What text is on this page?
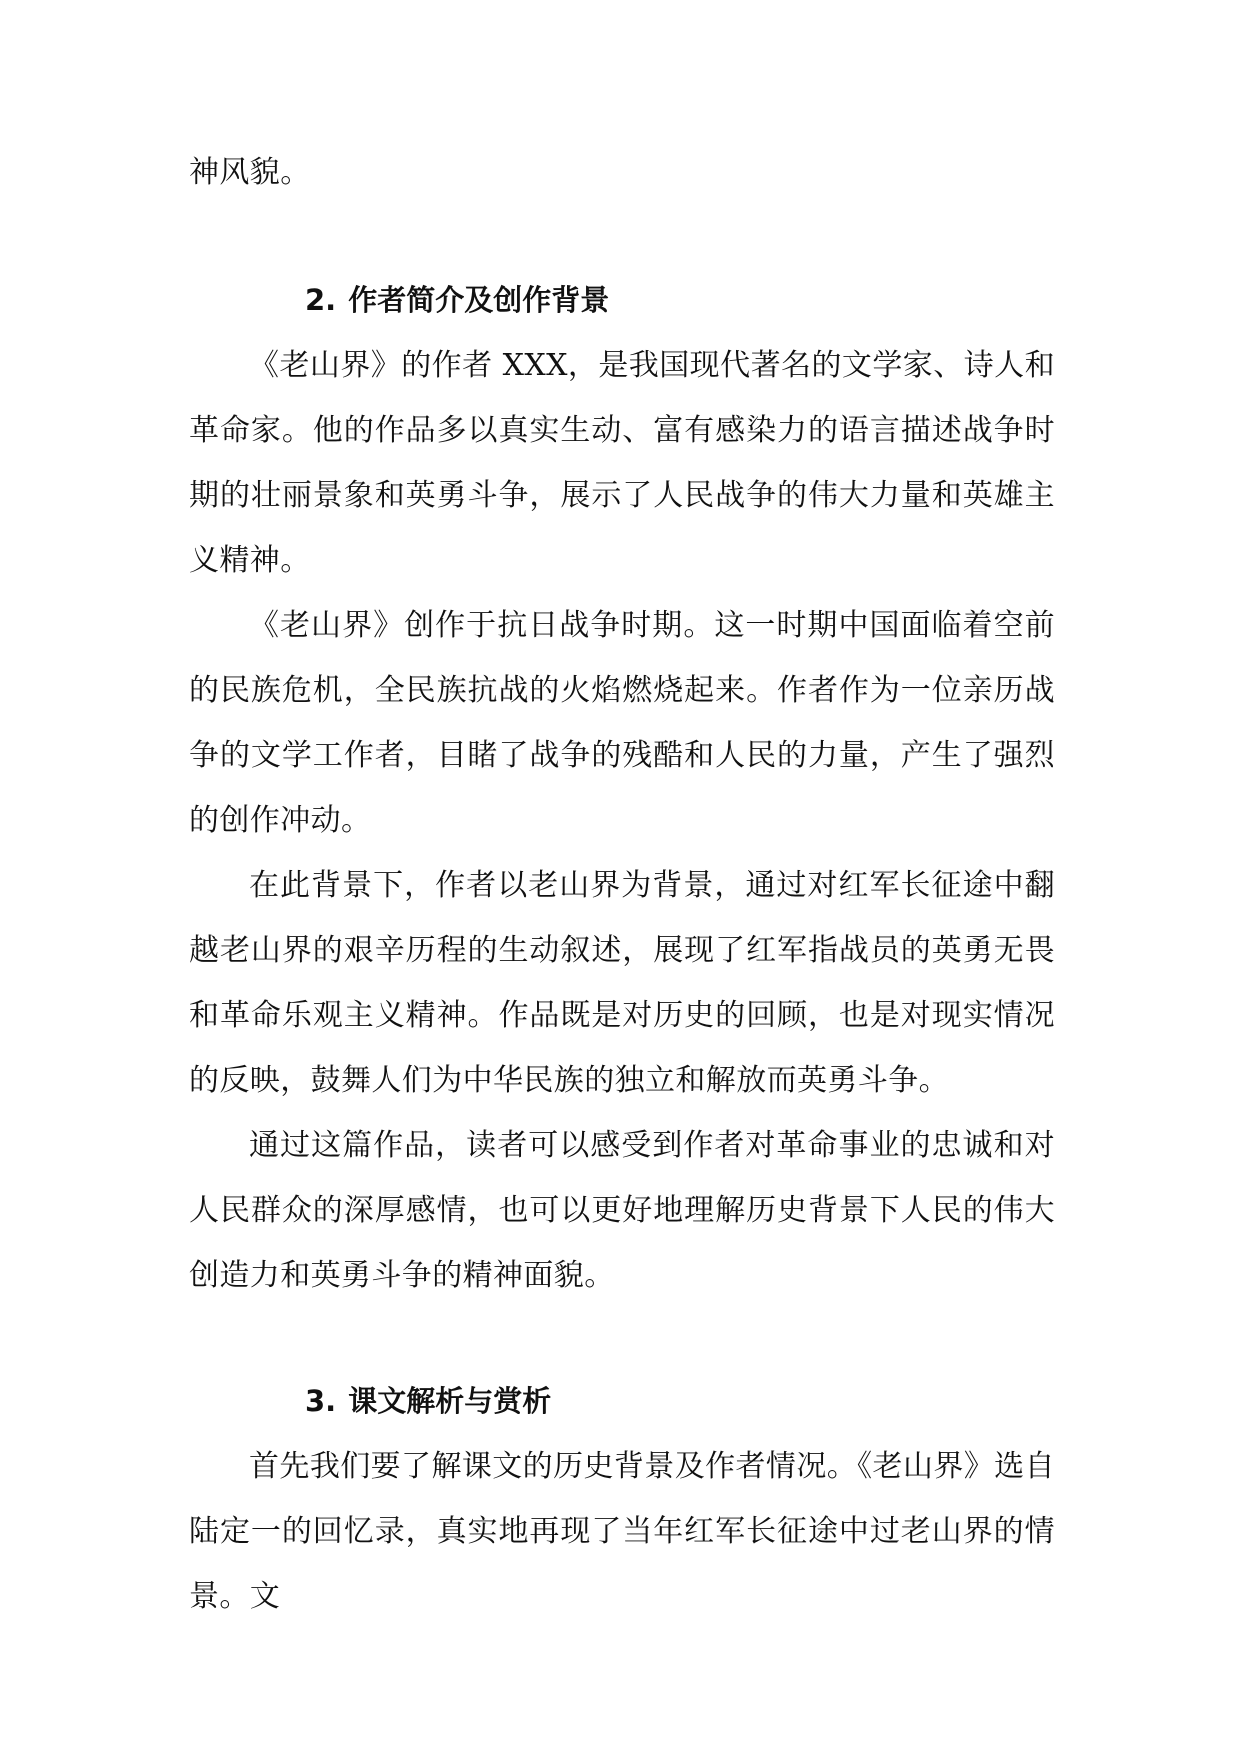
神风貌。

2. 作者简介及创作背景

《老山界》的作者 XXX，是我国现代著名的文学家、诗人和革命家。他的作品多以真实生动、富有感染力的语言描述战争时期的壮丽景象和英勇斗争，展示了人民战争的伟大力量和英雄主义精神。

《老山界》创作于抗日战争时期。这一时期中国面临着空前的民族危机，全民族抗战的火焰燃烧起来。作者作为一位亲历战争的文学工作者，目睹了战争的残酷和人民的力量，产生了强烈的创作冲动。

在此背景下，作者以老山界为背景，通过对红军长征途中翻越老山界的艰辛历程的生动叙述，展现了红军指战员的英勇无畏和革命乐观主义精神。作品既是对历史的回顾，也是对现实情况的反映，鼓舞人们为中华民族的独立和解放而英勇斗争。

通过这篇作品，读者可以感受到作者对革命事业的忠诚和对人民群众的深厚感情，也可以更好地理解历史背景下人民的伟大创造力和英勇斗争的精神面貌。

3. 课文解析与赏析

首先我们要了解课文的历史背景及作者情况。《老山界》选自陆定一的回忆录，真实地再现了当年红军长征途中过老山界的情景。文
